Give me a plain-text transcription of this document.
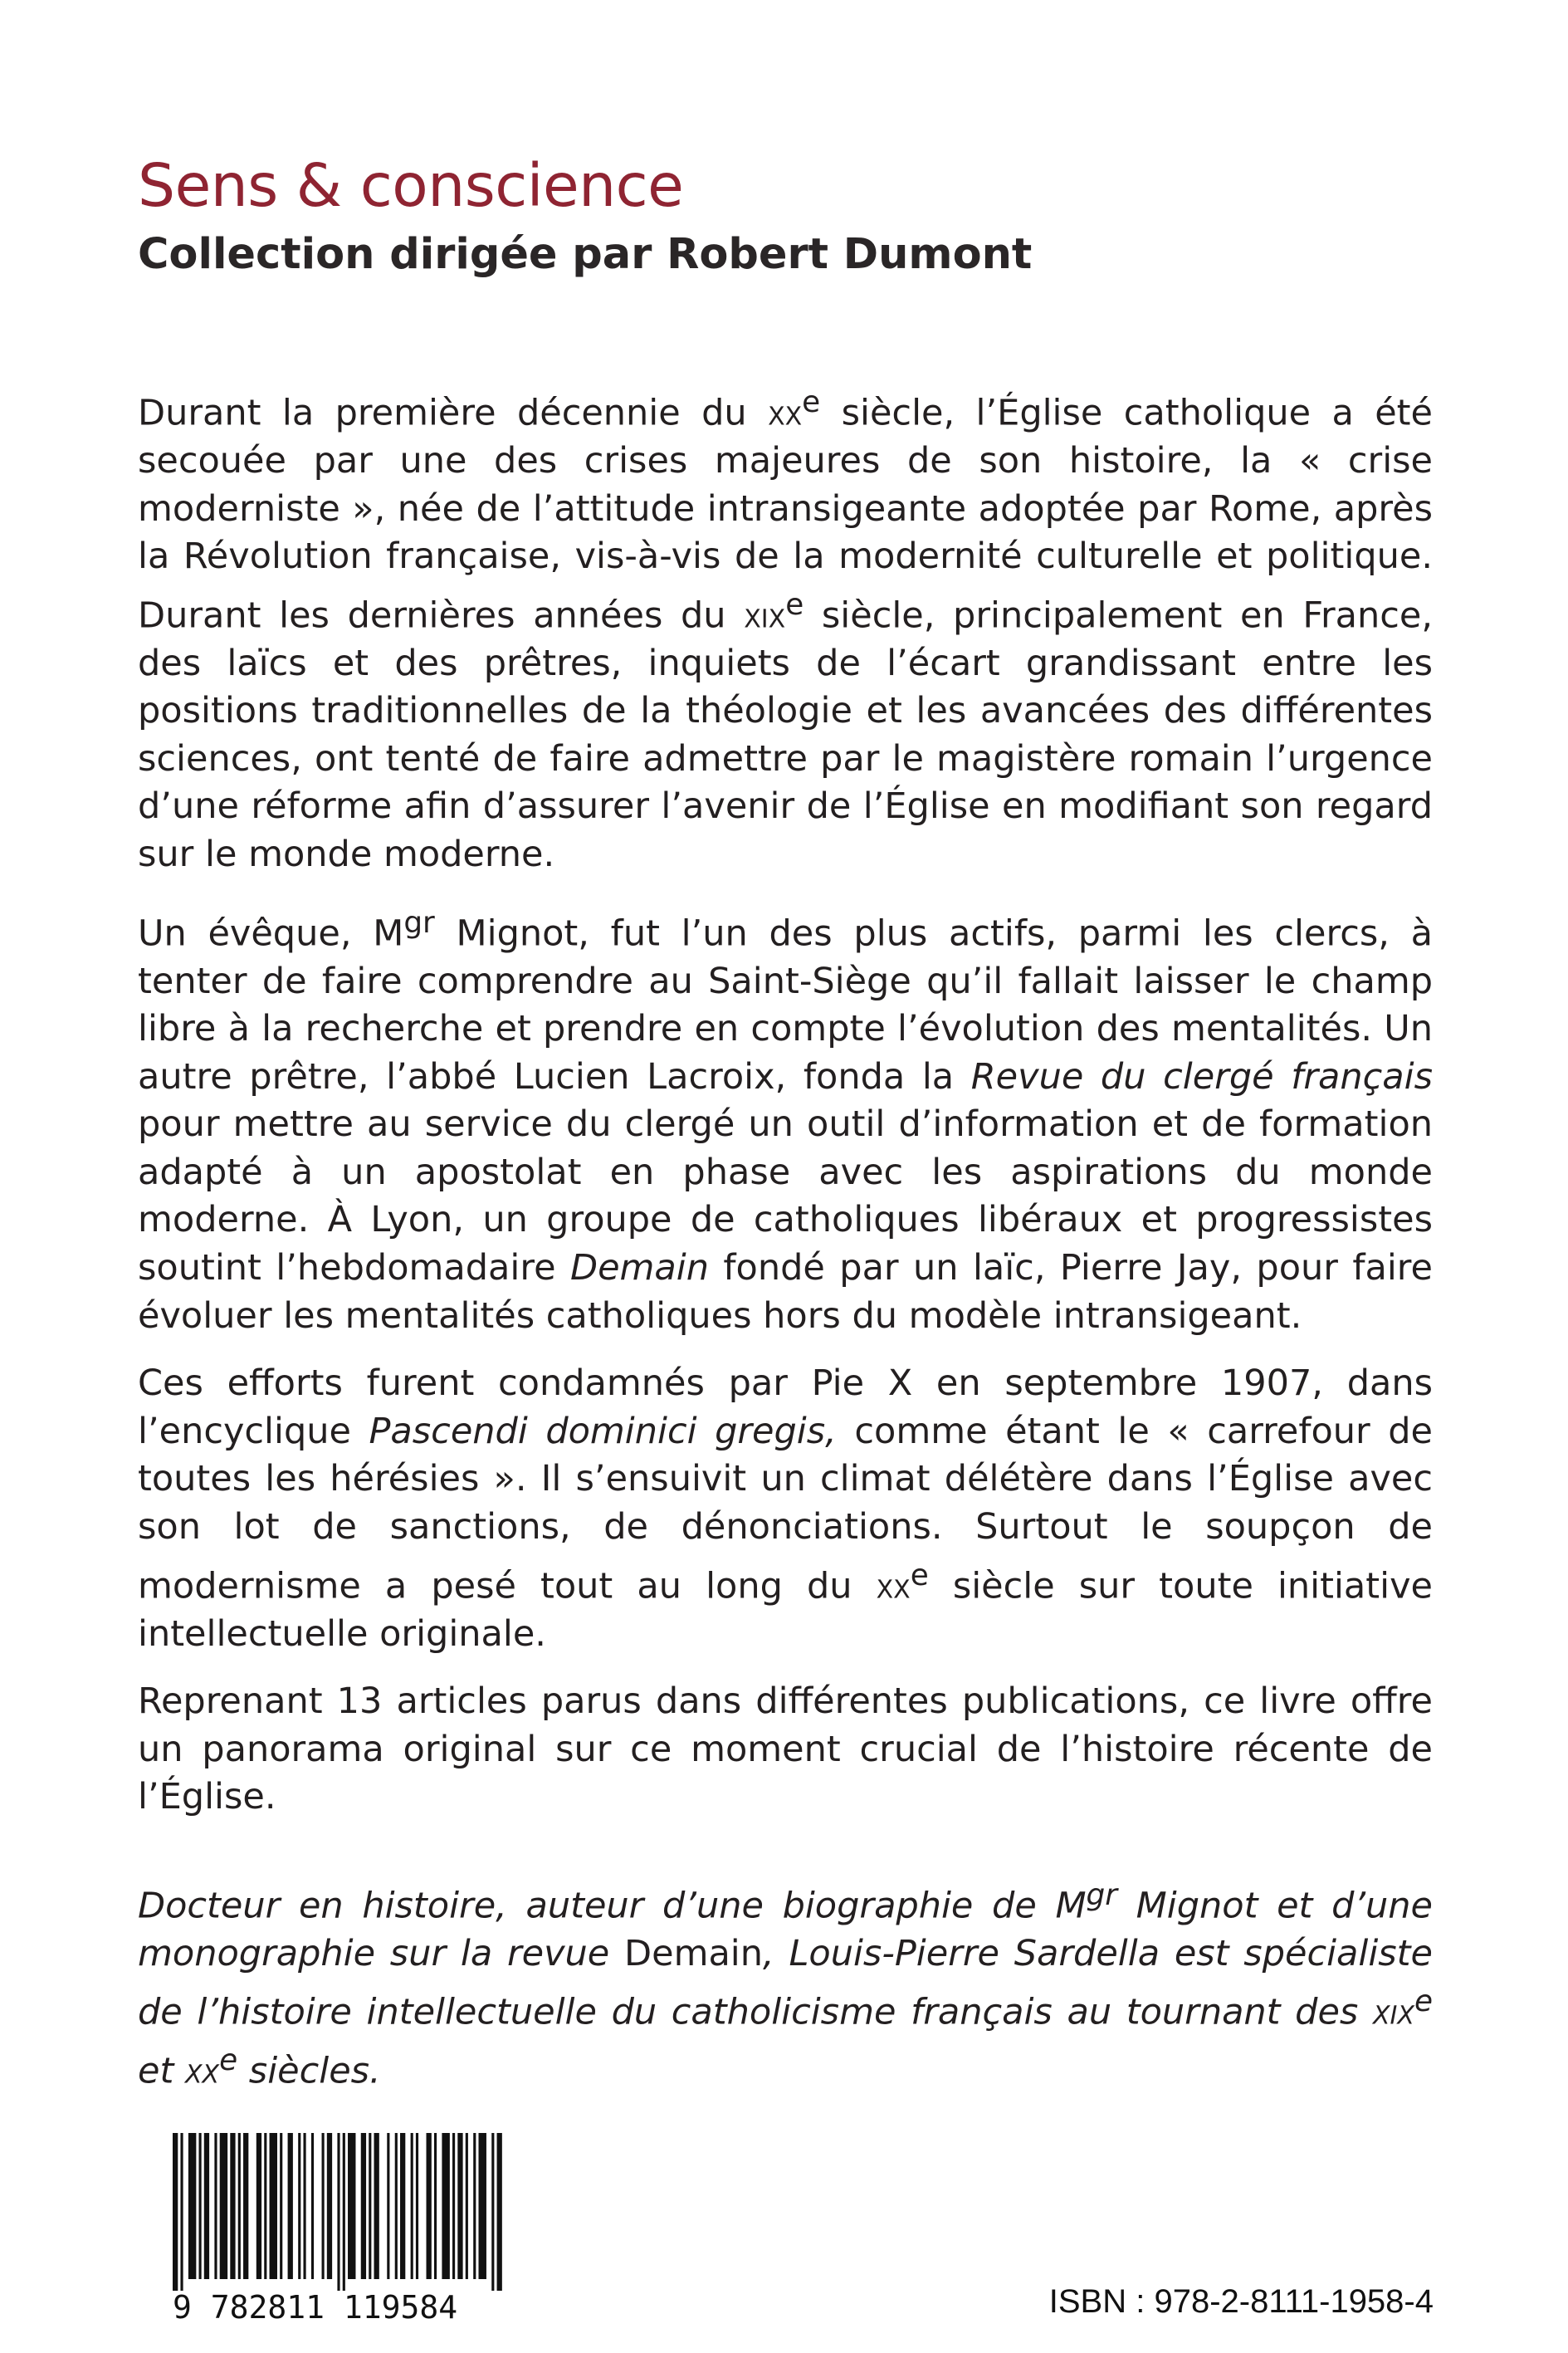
Sens & conscience
Collection dirigée par Robert Dumont

Durant la première décennie du $xx^e$ siècle, l’Église catholique a été secouée par une des crises majeures de son histoire, la « crise moderniste », née de l’attitude intransigeante adoptée par Rome, après la Révolution française, vis-à-vis de la modernité culturelle et politique. Durant les dernières années du xix$^e$ siècle, principalement en France, des laïcs et des prêtres, inquiets de l’écart grandissant entre les positions traditionnelles de la théologie et les avancées des différentes sciences, ont tenté de faire admettre par le magistère romain l’urgence d’une réforme afin d’assurer l’avenir de l’Église en modifiant son regard sur le monde moderne.

Un évêque, $M^{gr}$ Mignot, fut l’un des plus actifs, parmi les clercs, à tenter de faire comprendre au Saint-Siège qu’il fallait laisser le champ libre à la recherche et prendre en compte l’évolution des mentalités. Un autre prêtre, l’abbé Lucien Lacroix, fonda la Revue du clergé français pour mettre au service du clergé un outil d’information et de formation adapté à un apostolat en phase avec les aspirations du monde moderne. À Lyon, un groupe de catholiques libéraux et progressistes soutint l’hebdomadaire Demain fondé par un laïc, Pierre Jay, pour faire évoluer les mentalités catholiques hors du modèle intransigeant.

Ces efforts furent condamnés par Pie X en septembre 1907, dans l’encyclique Pascendi dominici gregis, comme étant le « carrefour de toutes les hérésies ». Il s’ensuivit un climat délétère dans l’Église avec son lot de sanctions, de dénonciations. Surtout le soupçon de modernisme a pesé tout au long du $xx^e$ siècle sur toute initiative intellectuelle originale.

Reprenant 13 articles parus dans différentes publications, ce livre offre un panorama original sur ce moment crucial de l’histoire récente de l’Église.

Docteur en histoire, auteur d’une biographie de $M^{gr}$ Mignot et d’une monographie sur la revue Demain, Louis-Pierre Sardella est spécialiste de l’histoire intellectuelle du catholicisme français au tournant des xix$^e$ et $xx^e$ siècles.

9 782811 119584	ISBN : 978-2-8111-1958-4
